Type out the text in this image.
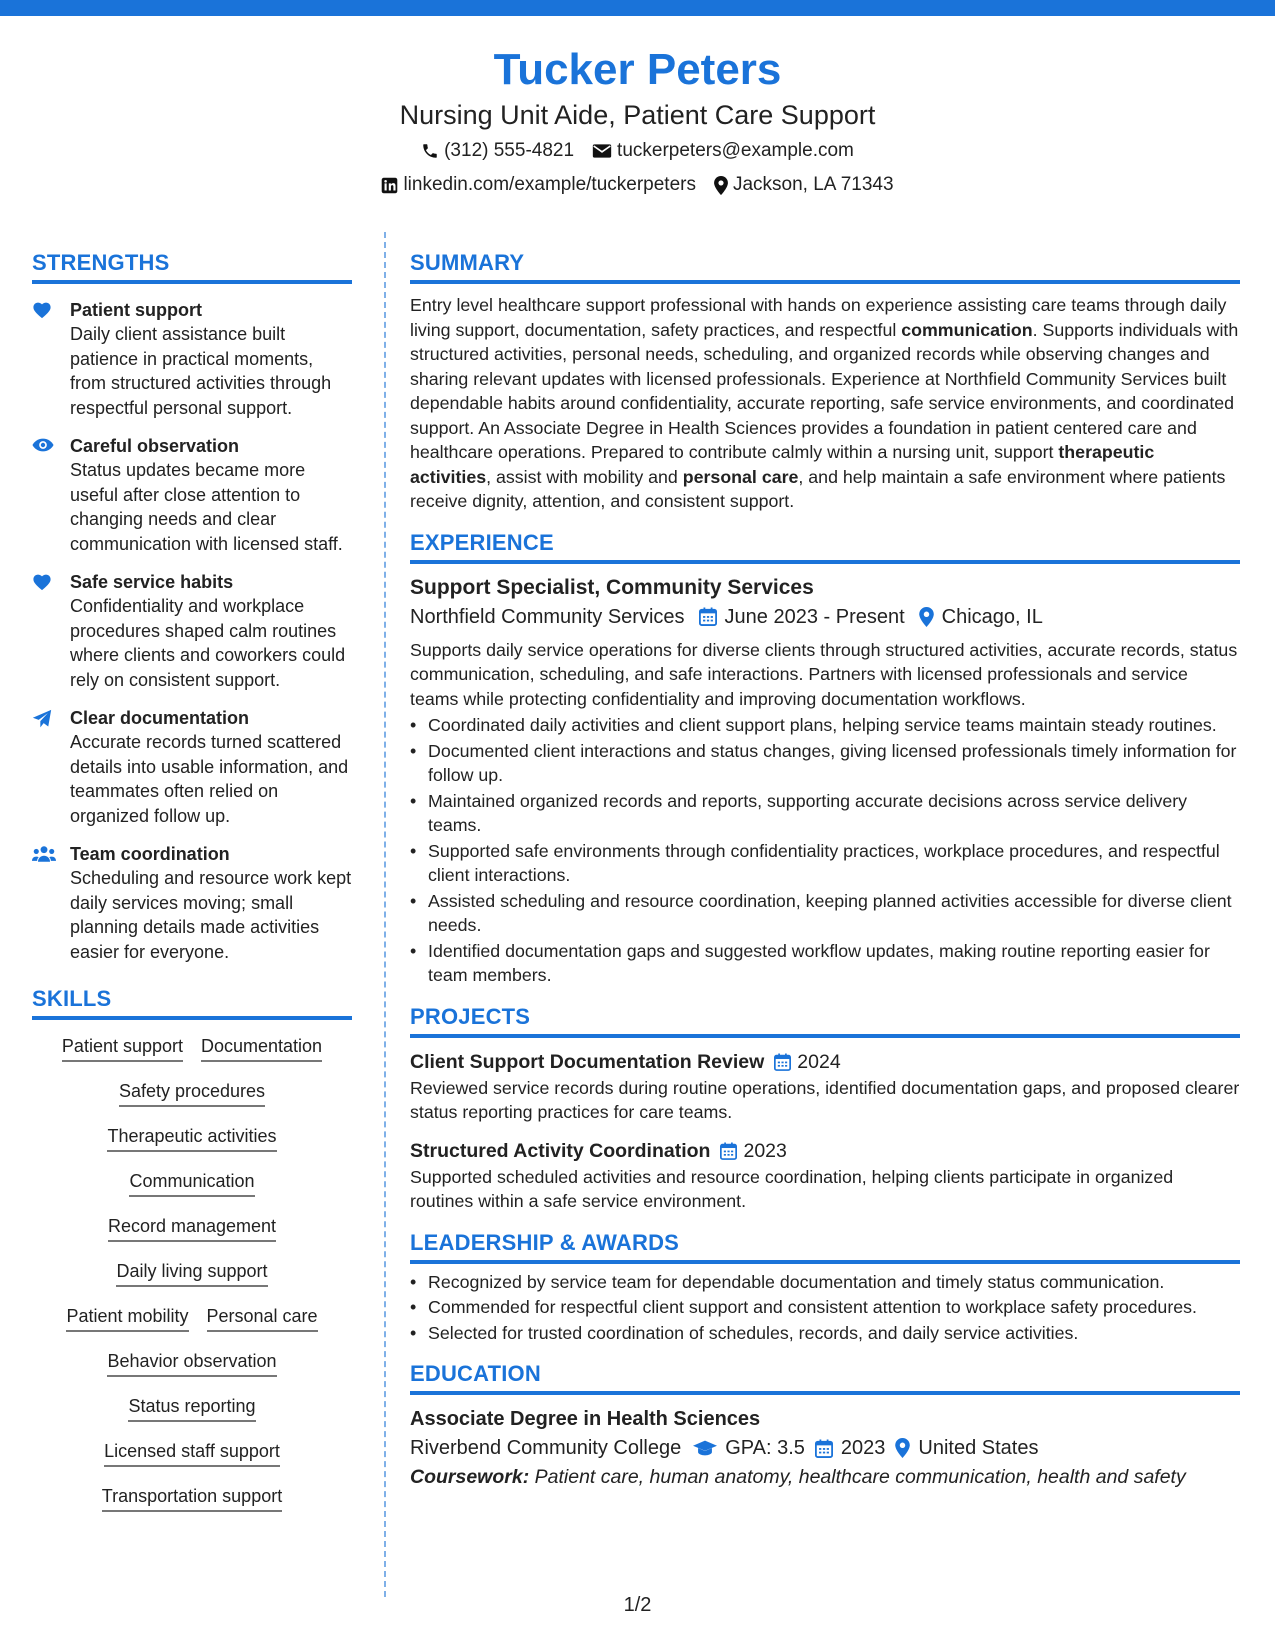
Tucker Peters
Nursing Unit Aide, Patient Care Support
(312) 555-4821 tuckerpeters@example.com
linkedin.com/example/tuckerpeters Jackson, LA 71343
STRENGTHS
Patient support
Daily client assistance built patience in practical moments, from structured activities through respectful personal support.
Careful observation
Status updates became more useful after close attention to changing needs and clear communication with licensed staff.
Safe service habits
Confidentiality and workplace procedures shaped calm routines where clients and coworkers could rely on consistent support.
Clear documentation
Accurate records turned scattered details into usable information, and teammates often relied on organized follow up.
Team coordination
Scheduling and resource work kept daily services moving; small planning details made activities easier for everyone.
SKILLS
Patient support Documentation
Safety procedures
Therapeutic activities
Communication
Record management
Daily living support
Patient mobility Personal care
Behavior observation
Status reporting
Licensed staff support
Transportation support
SUMMARY
Entry level healthcare support professional with hands on experience assisting care teams through daily living support, documentation, safety practices, and respectful communication. Supports individuals with structured activities, personal needs, scheduling, and organized records while observing changes and sharing relevant updates with licensed professionals. Experience at Northfield Community Services built dependable habits around confidentiality, accurate reporting, safe service environments, and coordinated support. An Associate Degree in Health Sciences provides a foundation in patient centered care and healthcare operations. Prepared to contribute calmly within a nursing unit, support therapeutic activities, assist with mobility and personal care, and help maintain a safe environment where patients receive dignity, attention, and consistent support.
EXPERIENCE
Support Specialist, Community Services
Northfield Community Services June 2023 - Present Chicago, IL
Supports daily service operations for diverse clients through structured activities, accurate records, status communication, scheduling, and safe interactions. Partners with licensed professionals and service teams while protecting confidentiality and improving documentation workflows.
• Coordinated daily activities and client support plans, helping service teams maintain steady routines.
• Documented client interactions and status changes, giving licensed professionals timely information for follow up.
• Maintained organized records and reports, supporting accurate decisions across service delivery teams.
• Supported safe environments through confidentiality practices, workplace procedures, and respectful client interactions.
• Assisted scheduling and resource coordination, keeping planned activities accessible for diverse client needs.
• Identified documentation gaps and suggested workflow updates, making routine reporting easier for team members.
PROJECTS
Client Support Documentation Review 2024
Reviewed service records during routine operations, identified documentation gaps, and proposed clearer status reporting practices for care teams.
Structured Activity Coordination 2023
Supported scheduled activities and resource coordination, helping clients participate in organized routines within a safe service environment.
LEADERSHIP & AWARDS
• Recognized by service team for dependable documentation and timely status communication.
• Commended for respectful client support and consistent attention to workplace safety procedures.
• Selected for trusted coordination of schedules, records, and daily service activities.
EDUCATION
Associate Degree in Health Sciences
Riverbend Community College GPA: 3.5 2023 United States
Coursework: Patient care, human anatomy, healthcare communication, health and safety
1/2
